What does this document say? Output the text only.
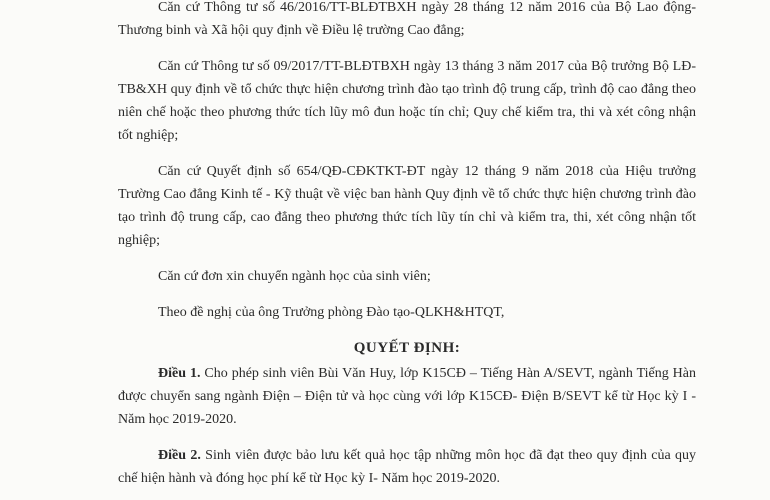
Căn cứ Thông tư số 46/2016/TT-BLĐTBXH ngày 28 tháng 12 năm 2016 của Bộ Lao động-Thương binh và Xã hội quy định về Điều lệ trường Cao đẳng;

Căn cứ Thông tư số 09/2017/TT-BLĐTBXH ngày 13 tháng 3 năm 2017 của Bộ trưởng Bộ LĐ-TB&XH quy định về tổ chức thực hiện chương trình đào tạo trình độ trung cấp, trình độ cao đẳng theo niên chế hoặc theo phương thức tích lũy mô đun hoặc tín chỉ; Quy chế kiểm tra, thi và xét công nhận tốt nghiệp;

Căn cứ Quyết định số 654/QĐ-CĐKTKT-ĐT ngày 12 tháng 9 năm 2018 của Hiệu trưởng Trường Cao đẳng Kinh tế - Kỹ thuật về việc ban hành Quy định về tổ chức thực hiện chương trình đào tạo trình độ trung cấp, cao đẳng theo phương thức tích lũy tín chỉ và kiểm tra, thi, xét công nhận tốt nghiệp;

Căn cứ đơn xin chuyển ngành học của sinh viên;

Theo đề nghị của ông Trưởng phòng Đào tạo-QLKH&HTQT,

QUYẾT ĐỊNH:

Điều 1. Cho phép sinh viên Bùi Văn Huy, lớp K15CĐ – Tiếng Hàn A/SEVT, ngành Tiếng Hàn được chuyển sang ngành Điện – Điện tử và học cùng với lớp K15CĐ- Điện B/SEVT kể từ Học kỳ I - Năm học 2019-2020.

Điều 2. Sinh viên được bảo lưu kết quả học tập những môn học đã đạt theo quy định của quy chế hiện hành và đóng học phí kể từ Học kỳ I- Năm học 2019-2020.
